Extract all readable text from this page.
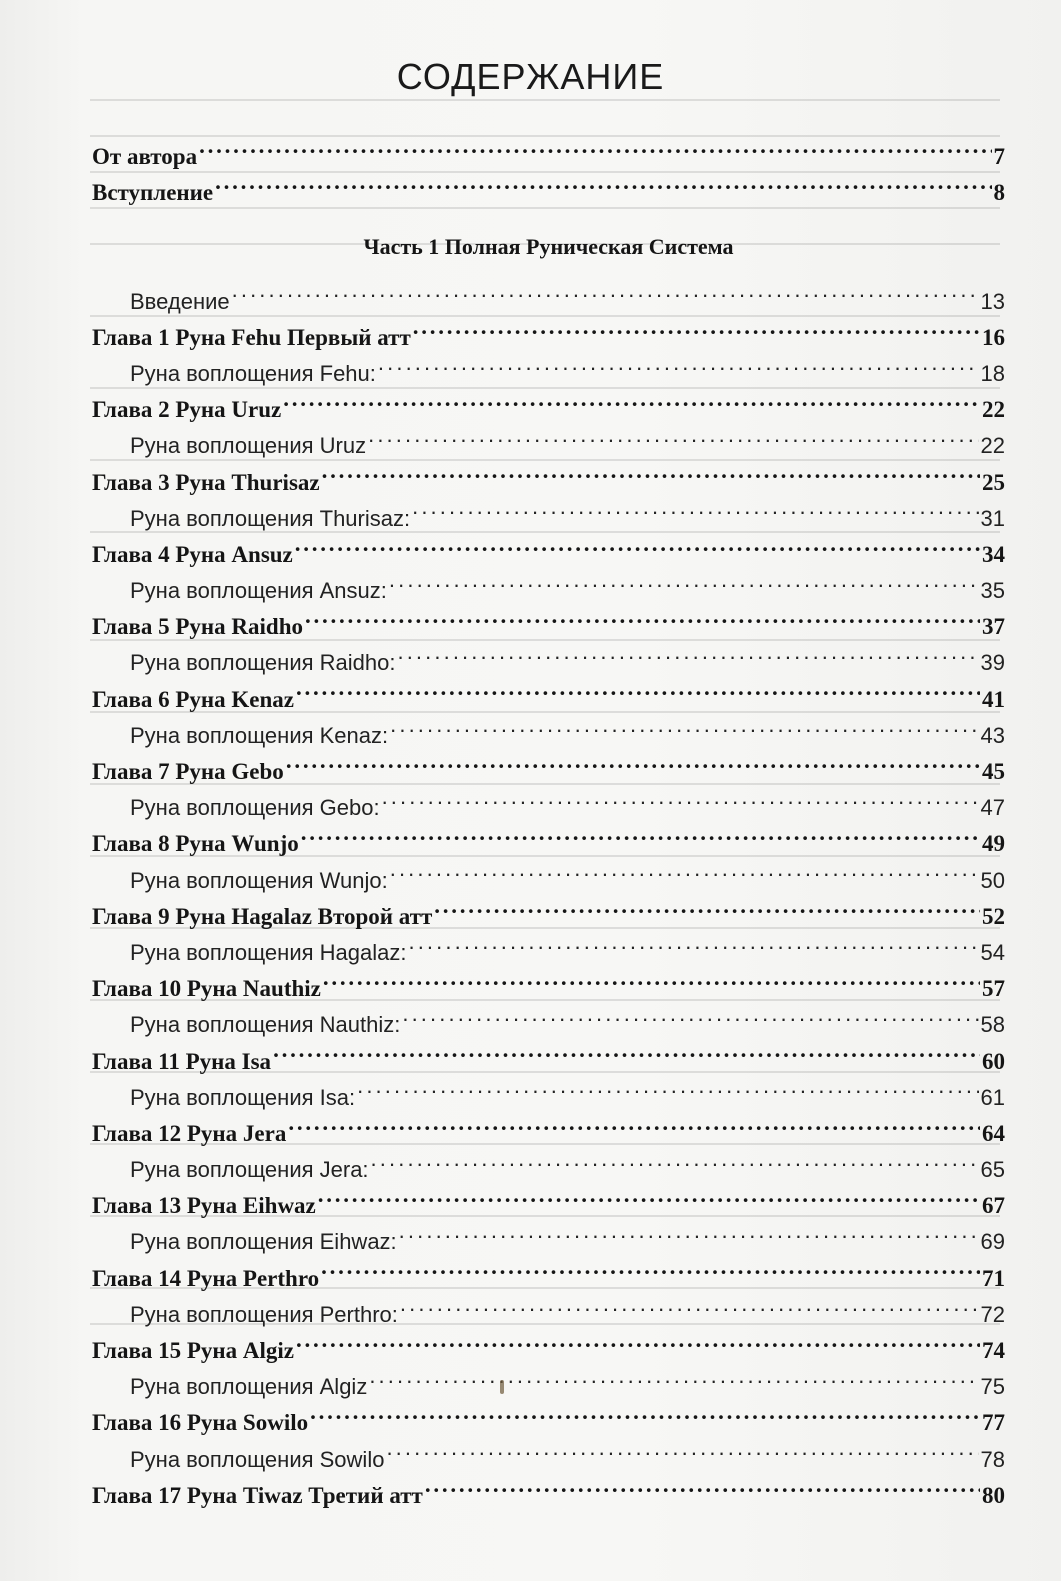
СОДЕРЖАНИЕ
От автора . . .	7
Вступление . . .	8
Часть 1 Полная Руническая Система
Введение . . .	13
Глава 1 Руна Fehu Первый атт . . .	16
Руна воплощения Fehu: . . .	18
Глава 2 Руна Uruz . . .	22
Руна воплощения Uruz . . .	22
Глава 3 Руна Thurisaz . . .	25
Руна воплощения Thurisaz: . . .	31
Глава 4 Руна Ansuz . . .	34
Руна воплощения Ansuz: . . .	35
Глава 5 Руна Raidho . . .	37
Руна воплощения Raidho: . . .	39
Глава 6 Руна Kenaz . . .	41
Руна воплощения Kenaz: . . .	43
Глава 7 Руна Gebo . . .	45
Руна воплощения Gebo: . . .	47
Глава 8 Руна Wunjo . . .	49
Руна воплощения Wunjo: . . .	50
Глава 9 Руна Hagalaz Второй атт . . .	52
Руна воплощения Hagalaz: . . .	54
Глава 10 Руна Nauthiz . . .	57
Руна воплощения Nauthiz: . . .	58
Глава 11 Руна Isa . . .	60
Руна воплощения Isa: . . .	61
Глава 12 Руна Jera . . .	64
Руна воплощения Jera: . . .	65
Глава 13 Руна Eihwaz . . .	67
Руна воплощения Eihwaz: . . .	69
Глава 14 Руна Perthro . . .	71
Руна воплощения Perthro: . . .	72
Глава 15 Руна Algiz . . .	74
Руна воплощения Algiz . . .	75
Глава 16 Руна Sowilo . . .	77
Руна воплощения Sowilo . . .	78
Глава 17 Руна Tiwaz Третий атт . . .	80
